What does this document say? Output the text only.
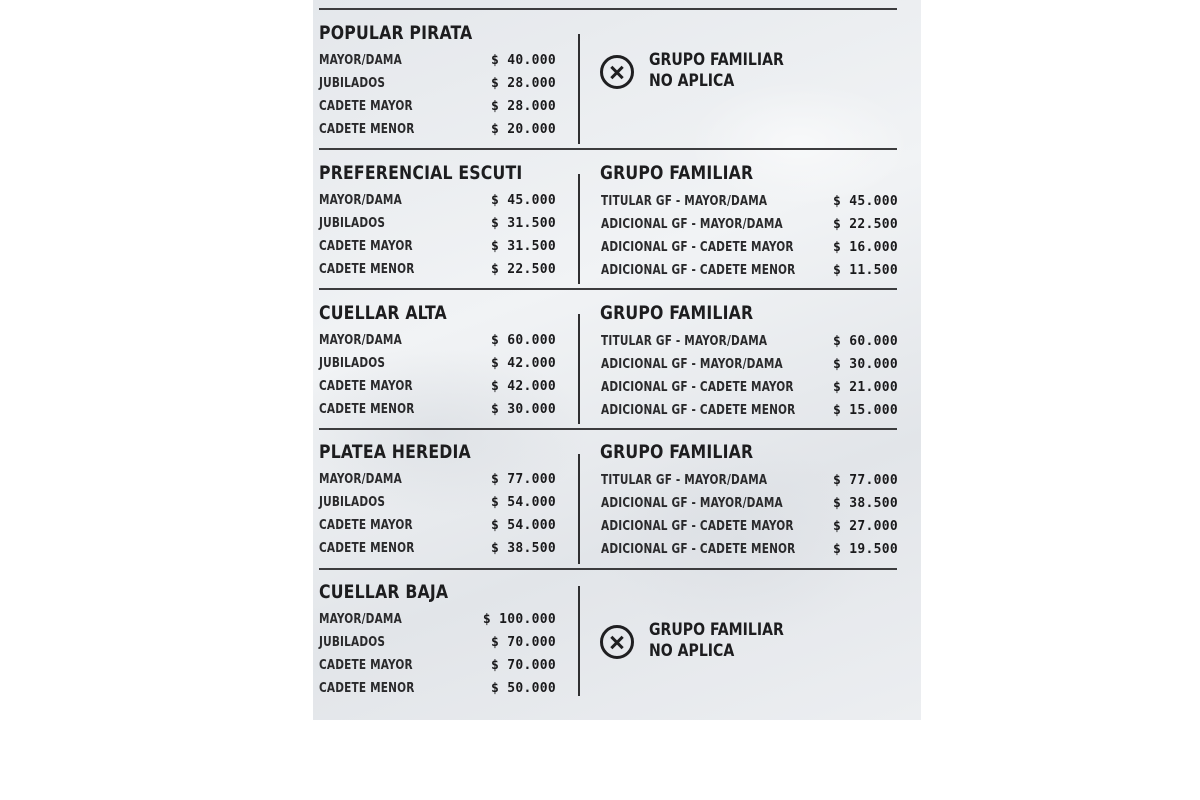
POPULAR PIRATA
MAYOR/DAMA	$ 40.000
JUBILADOS	$ 28.000
CADETE MAYOR	$ 28.000
CADETE MENOR	$ 20.000
GRUPO FAMILIAR
NO APLICA
PREFERENCIAL ESCUTI
MAYOR/DAMA	$ 45.000
JUBILADOS	$ 31.500
CADETE MAYOR	$ 31.500
CADETE MENOR	$ 22.500
GRUPO FAMILIAR
TITULAR GF - MAYOR/DAMA	$ 45.000
ADICIONAL GF - MAYOR/DAMA	$ 22.500
ADICIONAL GF - CADETE MAYOR	$ 16.000
ADICIONAL GF - CADETE MENOR	$ 11.500
CUELLAR ALTA
MAYOR/DAMA	$ 60.000
JUBILADOS	$ 42.000
CADETE MAYOR	$ 42.000
CADETE MENOR	$ 30.000
GRUPO FAMILIAR
TITULAR GF - MAYOR/DAMA	$ 60.000
ADICIONAL GF - MAYOR/DAMA	$ 30.000
ADICIONAL GF - CADETE MAYOR	$ 21.000
ADICIONAL GF - CADETE MENOR	$ 15.000
PLATEA HEREDIA
MAYOR/DAMA	$ 77.000
JUBILADOS	$ 54.000
CADETE MAYOR	$ 54.000
CADETE MENOR	$ 38.500
GRUPO FAMILIAR
TITULAR GF - MAYOR/DAMA	$ 77.000
ADICIONAL GF - MAYOR/DAMA	$ 38.500
ADICIONAL GF - CADETE MAYOR	$ 27.000
ADICIONAL GF - CADETE MENOR	$ 19.500
CUELLAR BAJA
MAYOR/DAMA	$ 100.000
JUBILADOS	$ 70.000
CADETE MAYOR	$ 70.000
CADETE MENOR	$ 50.000
GRUPO FAMILIAR
NO APLICA
